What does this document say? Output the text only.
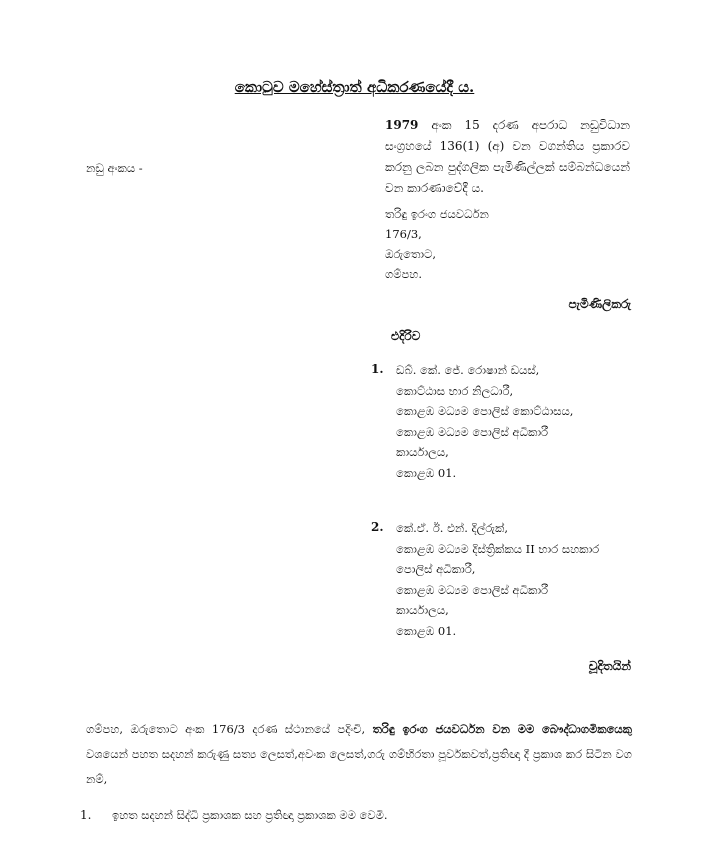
කොටුව මහේස්ත්‍රාත් අධිකරණයේදී ය.
නඩු අංකය -
1979 අංක 15 දරණ අපරාධ නඩුවිධාන සංග්‍රහයේ 136(1) (අ) වන වගන්තිය ප්‍රකාරව කරනු ලබන පුද්ගලික පැමිණිල්ලක් සම්බන්ධයෙන් වන කාරණාවේදී ය.
තරිඳු ඉරංග ජයවර්ධන
176/3,
ඔරුතොට,
ගම්පහ.
පැමිණිලිකරු
එදිරිව
1. ඩබ්. කේ. ජේ. රොෂාන් ඩයස්,
කොට්ඨාස භාර නිලධාරී,
කොළඹ මධ්‍යම පොලිස් කොට්ඨාසය,
කොළඹ මධ්‍යම පොලිස් අධිකාරී
කාර්යාලය,
කොළඹ 01.
2. කේ.ඒ. ඊ. එන්. දිල්රුක්,
කොළඹ මධ්‍යම දිස්ත්‍රික්කය II භාර සහකාර
පොලිස් අධිකාරී,
කොළඹ මධ්‍යම පොලිස් අධිකාරී
කාර්යාලය,
කොළඹ 01.
චූදිතයින්
ගම්පහ, ඔරුතොට අංක 176/3 දරණ ස්ථානයේ පදිංචි, තරිඳු ඉරංග ජයවර්ධන වන මම බෞද්ධාගමිකයෙකු වශයෙන් පහත සදහන් කරුණු සත්‍ය ලෙසත්,අවංක ලෙසත්,ගරු ගම්භිරතා පූර්වකවත්,ප්‍රතිඥා දී ප්‍රකාශ කර සිටින වග නම්,
1. ඉහත සදහන් සිද්ධි ප්‍රකාශක සහ ප්‍රතිඥා ප්‍රකාශක මම වෙමි.
